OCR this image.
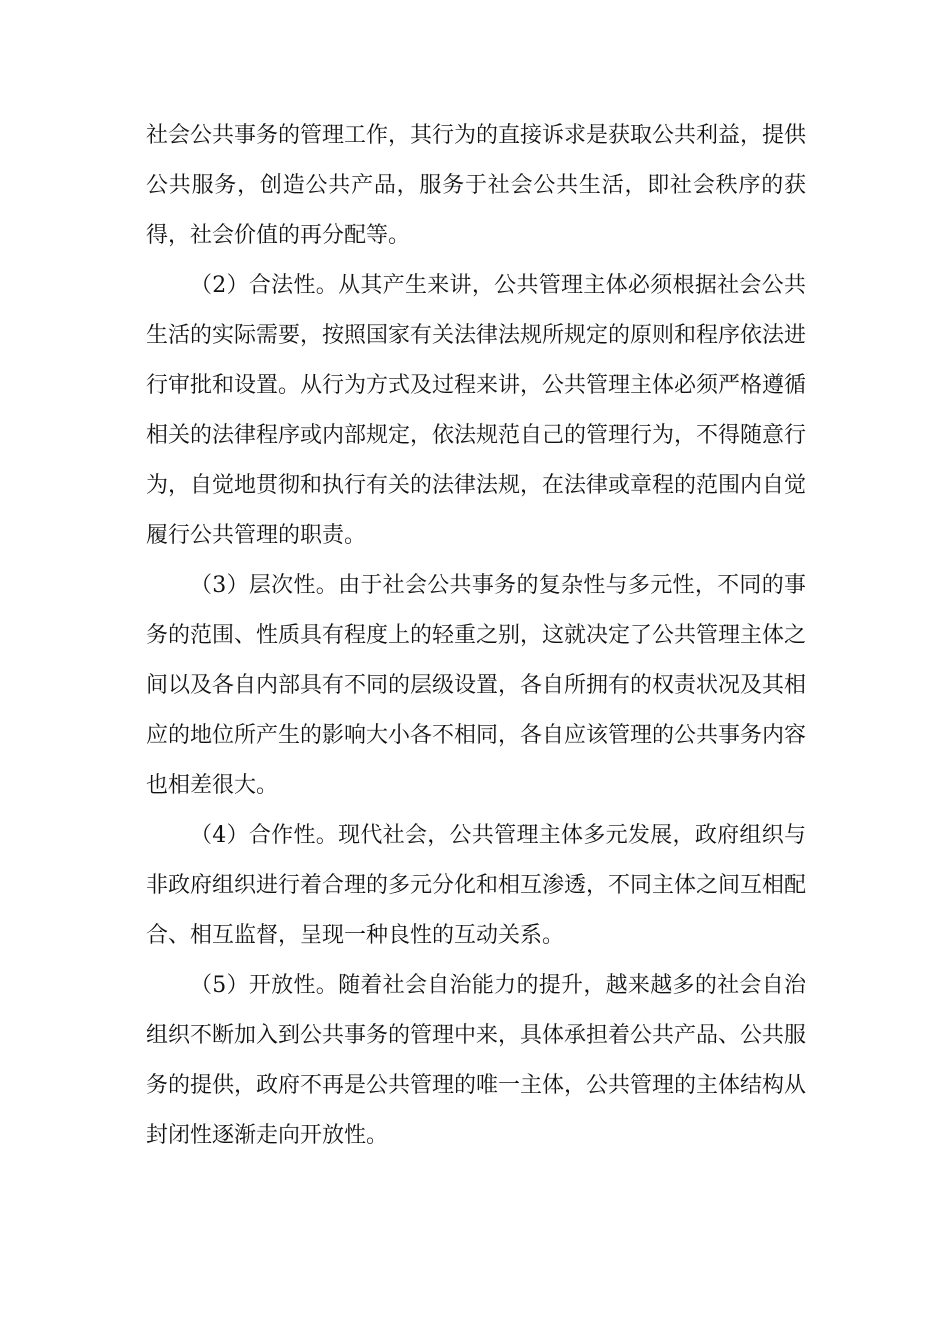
社会公共事务的管理工作，其行为的直接诉求是获取公共利益，提供公共服务，创造公共产品，服务于社会公共生活，即社会秩序的获得，社会价值的再分配等。

（2）合法性。从其产生来讲，公共管理主体必须根据社会公共生活的实际需要，按照国家有关法律法规所规定的原则和程序依法进行审批和设置。从行为方式及过程来讲，公共管理主体必须严格遵循相关的法律程序或内部规定，依法规范自己的管理行为，不得随意行为，自觉地贯彻和执行有关的法律法规，在法律或章程的范围内自觉履行公共管理的职责。

（3）层次性。由于社会公共事务的复杂性与多元性，不同的事务的范围、性质具有程度上的轻重之别，这就决定了公共管理主体之间以及各自内部具有不同的层级设置，各自所拥有的权责状况及其相应的地位所产生的影响大小各不相同，各自应该管理的公共事务内容也相差很大。

（4）合作性。现代社会，公共管理主体多元发展，政府组织与非政府组织进行着合理的多元分化和相互渗透，不同主体之间互相配合、相互监督，呈现一种良性的互动关系。

（5）开放性。随着社会自治能力的提升，越来越多的社会自治组织不断加入到公共事务的管理中来，具体承担着公共产品、公共服务的提供，政府不再是公共管理的唯一主体，公共管理的主体结构从封闭性逐渐走向开放性。
